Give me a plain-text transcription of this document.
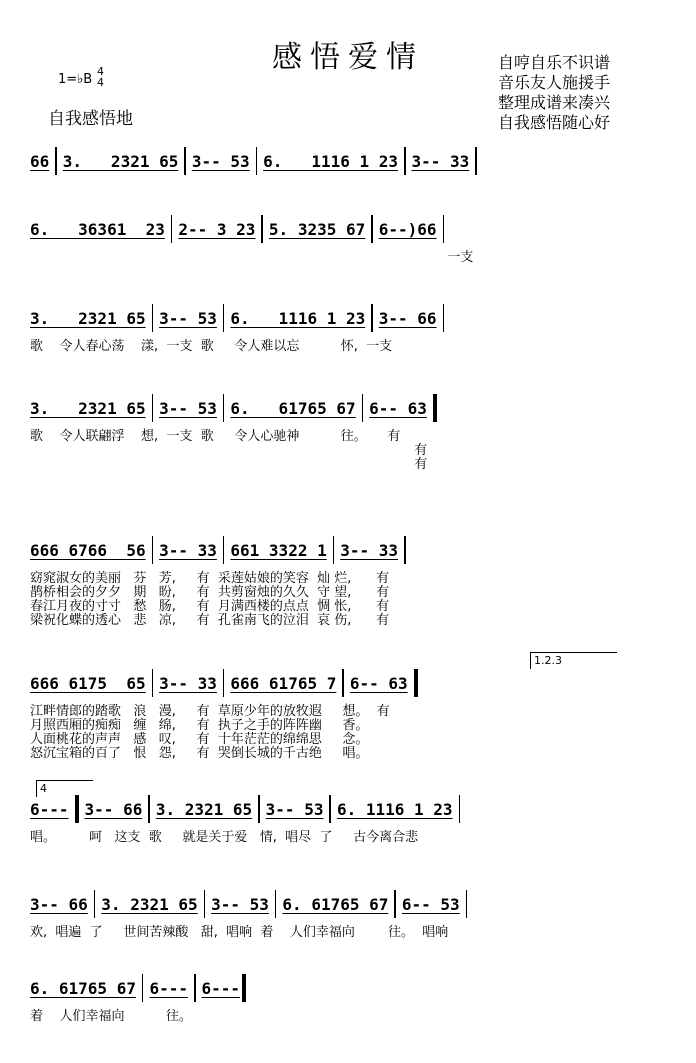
感悟爱情
1=♭B
4
4
自我感悟地
自哼自乐不识谱
音乐友人施援手
整理成谱来凑兴
自我感悟随心好
66 3.   2321 65 3-- 53 6.   1116 1 23 3-- 33
6.   36361  23 2-- 3 23 5. 3235 67 6--)66
一支
3.   2321 65 3-- 53 6.   1116 1 23 3-- 66
歌    令人春心荡    漾,  一支  歌     令人难以忘          怀,  一支
3.   2321 65 3-- 53 6.   61765 67 6-- 63
歌    令人联翩浮    想,  一支  歌     令人心驰神          往。     有
有
有
666 6766  56 3-- 33 661 3322 1 3-- 33
窈窕淑女的美丽   芬   芳,     有  采莲姑娘的笑容  灿 烂,      有
鹊桥相会的夕夕   期   盼,     有  共剪窗烛的久久  守 望,      有
春江月夜的寸寸   愁   肠,     有  月满西楼的点点  惆 怅,      有
梁祝化蝶的透心   悲   凉,     有  孔雀南飞的泣泪  哀 伤,      有
666 6175  65 3-- 33 666 61765 7 6-- 63
江畔情郎的踏歌   浪   漫,     有  草原少年的放牧遐     想。  有
月照西厢的痴痴   缠   绵,     有  执子之手的阵阵幽     香。
人面桃花的声声   感   叹,     有  十年茫茫的绵绵思     念。
怒沉宝箱的百了   恨   怨,     有  哭倒长城的千古绝     唱。
6--- 3-- 66 3. 2321 65 3-- 53 6. 1116 1 23
唱。        呵   这支  歌     就是关于爱   情,  唱尽  了     古今离合悲
3-- 66 3. 2321 65 3-- 53 6. 61765 67 6-- 53
欢,  唱遍  了     世间苦辣酸   甜,  唱响  着    人们幸福向        往。  唱响
6. 61765 67 6--- 6---
着    人们幸福向          往。
1.2.3
4
